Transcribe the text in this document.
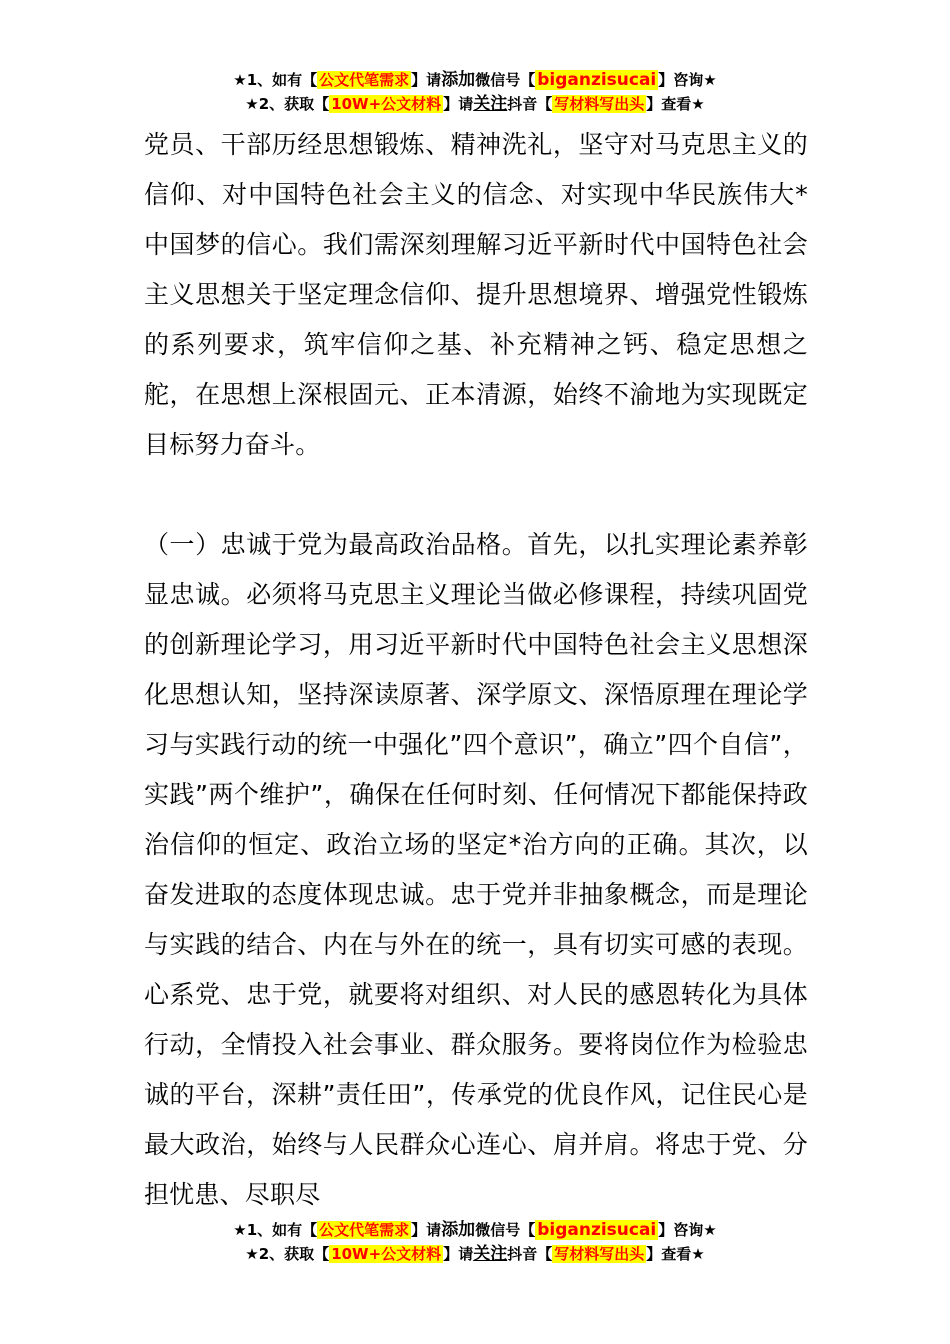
★1、如有【 公文代笔需求 】请添加微信号【 biganzisucai 】咨询★
★2、获取【 10W+公文材料 】请关注抖音【 写材料写出头 】查看★

党员、干部历经思想锻炼、精神洗礼，坚守对马克思主义的信仰、对中国特色社会主义的信念、对实现中华民族伟大*中国梦的信心。我们需深刻理解习近平新时代中国特色社会主义思想关于坚定理念信仰、提升思想境界、增强党性锻炼的系列要求，筑牢信仰之基、补充精神之钙、稳定思想之舵，在思想上深根固元、正本清源，始终不渝地为实现既定目标努力奋斗。

（一）忠诚于党为最高政治品格。首先，以扎实理论素养彰显忠诚。必须将马克思主义理论当做必修课程，持续巩固党的创新理论学习，用习近平新时代中国特色社会主义思想深化思想认知，坚持深读原著、深学原文、深悟原理在理论学习与实践行动的统一中强化”四个意识”，确立”四个自信”，实践”两个维护”，确保在任何时刻、任何情况下都能保持政治信仰的恒定、政治立场的坚定*治方向的正确。其次，以奋发进取的态度体现忠诚。忠于党并非抽象概念，而是理论与实践的结合、内在与外在的统一，具有切实可感的表现。心系党、忠于党，就要将对组织、对人民的感恩转化为具体行动，全情投入社会事业、群众服务。要将岗位作为检验忠诚的平台，深耕”责任田”，传承党的优良作风，记住民心是最大政治，始终与人民群众心连心、肩并肩。将忠于党、分担忧患、尽职尽

★1、如有【 公文代笔需求 】请添加微信号【 biganzisucai 】咨询★
★2、获取【 10W+公文材料 】请关注抖音【 写材料写出头 】查看★
